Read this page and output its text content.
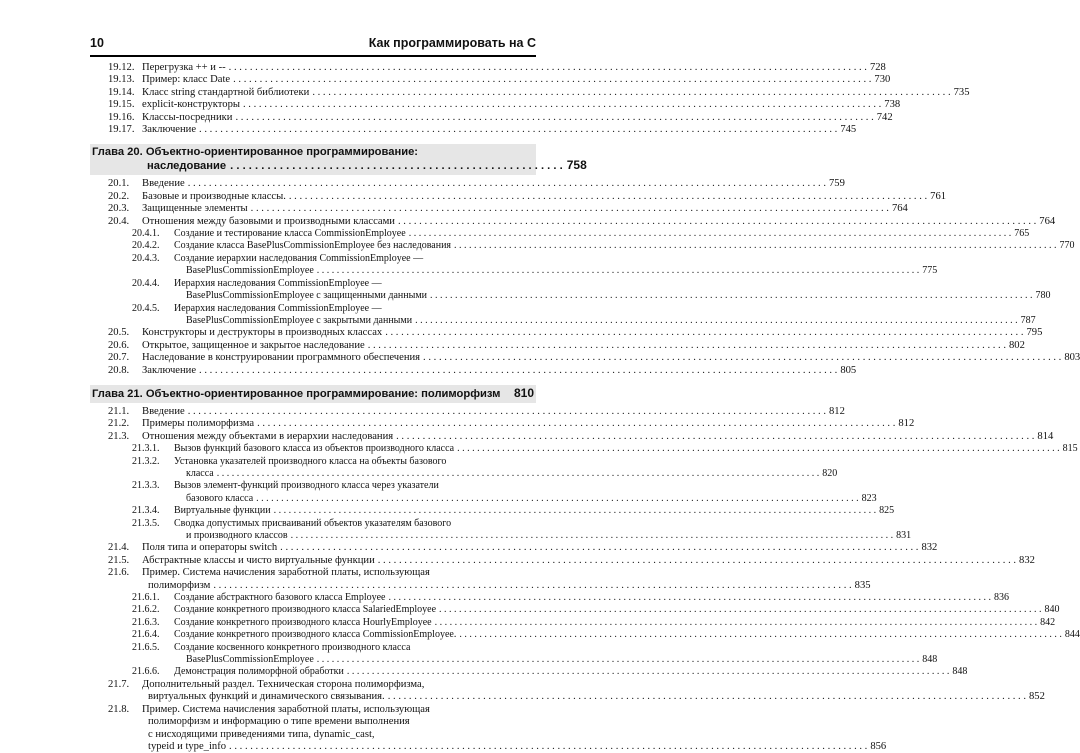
10	Как программировать на C
19.12. Перегрузка ++ и -- . . .	728
19.13. Пример: класс Date . . .	730
19.14. Класс string стандартной библиотеки . . .	735
19.15. explicit-конструкторы . . .	738
19.16. Классы-посредники . . .	742
19.17. Заключение . . .	745
Глава 20. Объектно-ориентированное программирование:
наследование . . .	758
20.1.	Введение . . .	759
20.2.	Базовые и производные классы. . . .	761
20.3.	Защищенные элементы . . .	764
20.4.	Отношения между базовыми и производными классами . . .	764
20.4.1.	Создание и тестирование класса CommissionEmployee . . .	765
20.4.2.	Создание класса BasePlusCommissionEmployee без наследования . . .	770
20.4.3.	Создание иерархии наследования CommissionEmployee —
BasePlusCommissionEmployee . . .	775
20.4.4.	Иерархия наследования CommissionEmployee —
BasePlusCommissionEmployee с защищенными данными . . .	780
20.4.5.	Иерархия наследования CommissionEmployee —
BasePlusCommissionEmployee с закрытыми данными . . .	787
20.5.	Конструкторы и деструкторы в производных классах . . .	795
20.6.	Открытое, защищенное и закрытое наследование . . .	802
20.7.	Наследование в конструировании программного обеспечения . . .	803
20.8.	Заключение . . .	805
Глава 21. Объектно-ориентированное программирование: полиморфизм	810
21.1.	Введение . . .	812
21.2.	Примеры полиморфизма . . .	812
21.3.	Отношения между объектами в иерархии наследования . . .	814
21.3.1.	Вызов функций базового класса из объектов производного класса . . .	815
21.3.2.	Установка указателей производного класса на объекты базового
класса . . .	820
21.3.3.	Вызов элемент-функций производного класса через указатели
базового класса . . .	823
21.3.4.	Виртуальные функции . . .	825
21.3.5.	Сводка допустимых присваиваний объектов указателям базового
и производного классов . . .	831
21.4.	Поля типа и операторы switch . . .	832
21.5.	Абстрактные классы и чисто виртуальные функции . . .	832
21.6.	Пример. Система начисления заработной платы, использующая
полиморфизм . . .	835
21.6.1.	Создание абстрактного базового класса Employee . . .	836
21.6.2.	Создание конкретного производного класса SalariedEmployee . . .	840
21.6.3.	Создание конкретного производного класса HourlyEmployee . . .	842
21.6.4.	Создание конкретного производного класса CommissionEmployee. . . .	844
21.6.5.	Создание косвенного конкретного производного класса
BasePlusCommissionEmployee . . .	848
21.6.6.	Демонстрация полиморфной обработки . . .	848
21.7.	Дополнительный раздел. Техническая сторона полиморфизма,
виртуальных функций и динамического связывания. . . .	852
21.8.	Пример. Система начисления заработной платы, использующая
полиморфизм и информацию о типе времени выполнения
с нисходящими приведениями типа, dynamic_cast,
typeid и type_info . . .	856
